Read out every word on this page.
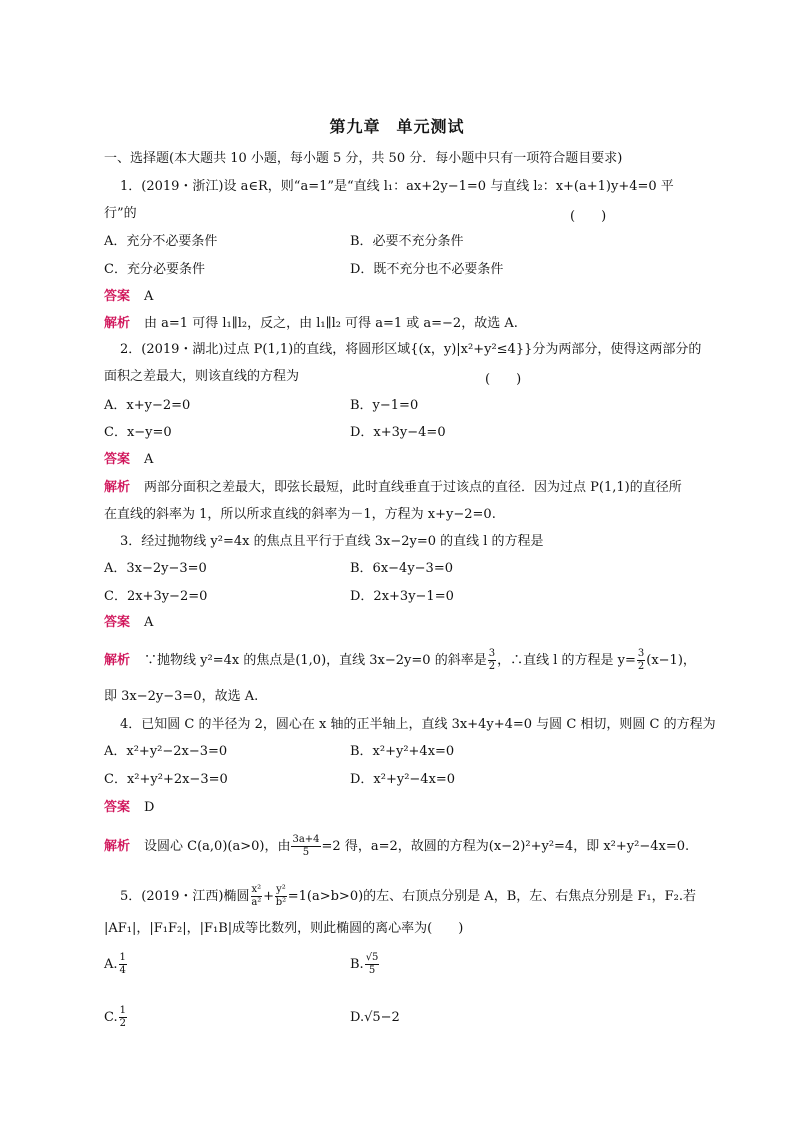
第九章 单元测试
一、选择题(本大题共 10 小题，每小题 5 分，共 50 分．每小题中只有一项符合题目要求)
1．(2019・浙江)设 a∈R，则“a=1”是“直线 l₁：ax+2y−1=0 与直线 l₂：x+(a+1)y+4=0 平
行”的	(　　)
A．充分不必要条件	B．必要不充分条件
C．充分必要条件	D．既不充分也不必要条件
答案 A
解析 由 a=1 可得 l₁∥l₂，反之，由 l₁∥l₂ 可得 a=1 或 a=−2，故选 A.
2．(2019・湖北)过点 P(1,1)的直线，将圆形区域{(x，y)|x²+y²≤4}}分为两部分，使得这两部分的
面积之差最大，则该直线的方程为	(　　)
A．x+y−2=0	B．y−1=0
C．x−y=0	D．x+3y−4=0
答案 A
解析 两部分面积之差最大，即弦长最短，此时直线垂直于过该点的直径．因为过点 P(1,1)的直径所
在直线的斜率为 1，所以所求直线的斜率为－1，方程为 x+y−2=0.
3．经过抛物线 y²=4x 的焦点且平行于直线 3x−2y=0 的直线 l 的方程是
A．3x−2y−3=0	B．6x−4y−3=0
C．2x+3y−2=0	D．2x+3y−1=0
答案 A
解析 ∵抛物线 y²=4x 的焦点是(1,0)，直线 3x−2y=0 的斜率是 $\frac{3}{2}$ ，∴直线 l 的方程是 $y= \frac{3}{2} (x-1)$，
即 3x−2y−3=0，故选 A.
4．已知圆 C 的半径为 2，圆心在 x 轴的正半轴上，直线 3x+4y+4=0 与圆 C 相切，则圆 C 的方程为
A．x²+y²−2x−3=0	B．x²+y²+4x=0
C．x²+y²+2x−3=0	D．x²+y²−4x=0
答案 D
解析 设圆心 C(a,0)(a>0)，由 $\frac{3a+4}{5} =2$ 得，a=2，故圆的方程为(x−2)²+y²=4，即 x²+y²−4x=0.
5．(2019・江西)椭圆 $\frac{\text{x²}}{\text{a²}} + \frac{\text{y²}}{\text{b²}} =1(a>b>0)$的左、右顶点分别是 A，B，左、右焦点分别是 F₁，F₂.若
|AF₁|，|F₁F₂|，|F₁B|成等比数列，则此椭圆的离心率为(　　)
A. $\frac{1}{4}$	B. $\frac{√5}{5}$
C. $\frac{1}{2}$	D.√5−2
